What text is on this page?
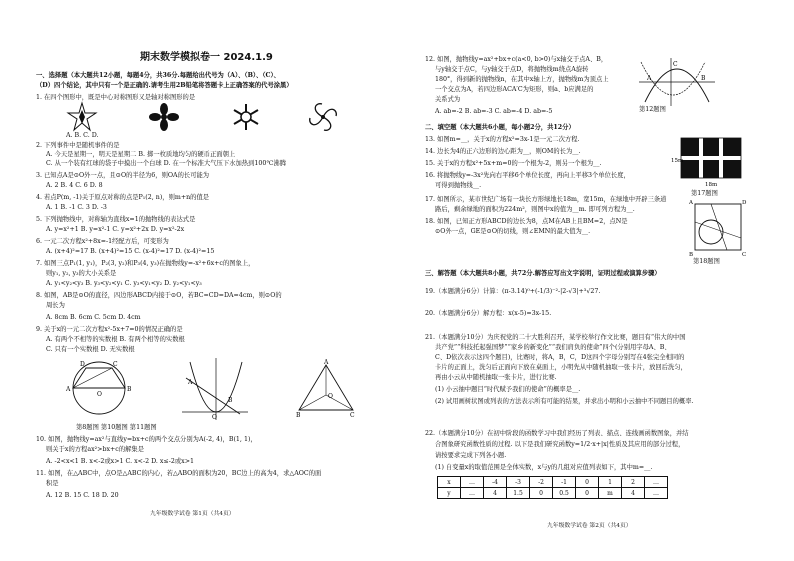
期末数学模拟卷一 2024.1.9
一、选择题（本大题共12小题，每题4分，共36分.每题给出代号为（A）、（B）、（C）、
（D）四个结论，其中只有一个是正确的.请考生用2B铅笔将答题卡上正确答案的代号涂黑）
1. 在四个图形中，既是中心对称图形又是轴对称图形的是
A. B. C. D.
2. 下列事件中是随机事件的是
A. 今天是星期一，明天是星期二 B. 掷一枚质地均匀的硬币正面朝上
C. 从一个装有红球的袋子中摸出一个白球 D. 在一个标准大气压下水加热到100℃沸腾
3. 已知点A是⊙O外一点，且⊙O的半径为6，则OA的长可能为
A. 2 B. 4 C. 6 D. 8
4. 若点P(m, -1)关于原点对称的点是P₁(2, n)，则m+n的值是
A. 1 B. -1 C. 3 D. -3
5. 下列抛物线中，对称轴为直线x=1的抛物线的表达式是
A. y=x²+1 B. y=x²-1 C. y=x²+2x D. y=x²-2x
6. 一元二次方程x²+8x=-1经配方后，可变形为
A. (x+4)²=17 B. (x+4)²=15 C. (x-4)²=17 D. (x-4)²=15
7. 如图三点P₁(1, y₁)，P₂(3, y₂)和P₃(4, y₃)在抛物线y=-x²+6x+c的图象上，
则y₁, y₂, y₃的大小关系是
A. y₁<y₂<y₃ B. y₃<y₂<y₁ C. y₃<y₁<y₂ D. y₂<y₁<y₃
8. 如图，AB是⊙O的直径，四边形ABCD内接于⊙O，若BC=CD=DA=4cm，则⊙O的
周长为
A. 8cm B. 6cm C. 5cm D. 4cm
9. 关于x的一元二次方程x²-5x+7=0的情况正确的是
A. 有两个不相等的实数根 B. 有两个相等的实数根
C. 只有一个实数根 D. 无实数根
A	B
C
D
O
A
B
O
A
B	C
O
第8题图 第10题图 第11题图
10. 如图，抛物线y=ax²与直线y=bx+c的两个交点分别为A(-2, 4)，B(1, 1)，
则关于x的方程ax²>bx+c的解集是
A. -2<x<1 B. x<-2或x>1 C. x<-2 D. x≤-2或x>1
11. 如图，在△ABC中，点O是△ABC的内心，若△ABO的面积为20，BC边上的高为4，求△AOC的面
积是
A. 12 B. 15 C. 18 D. 20
九年级数学试卷 第1页（共4页）
12. 如图，抛物线y=ax²+bx+c(a<0, b>0)与x轴交于点A、B，
与y轴交于点C，与y轴交于点D，将抛物线m绕点A旋转
180°，得到新的抛物线n，在其中x轴上方，抛物线m为顶点上
一个交点为A，若四边形ACA′C为矩形，则a、b应满足的
关系式为
A	B
C
第12题图
A. ab=-2 B. ab=-3 C. ab=-4 D. ab=-5
二、填空题（本大题共6小题，每小题2分，共12分）
13. 如图m=__，关于x的方程x²=3x-1是一元二次方程.
14. 边长为4的正六边形的边心距为__，则OM的长为__.
15. 关于x的方程x²+5x+m=0的一个根为-2，则另一个根为__.
16. 将抛物线y=-3x²先向右平移6个单位长度，再向上平移3个单位长度，
可得到抛物线__.
17. 如图所示，某市世纪广场有一块长方形绿地长18m，宽15m，在绿地中开辟三条道
路后，剩余绿地的面积为224m²，则图中x的值为__m. 即可列方程为__.
18. 如图，已知正方形ABCD的边长为8，点M在AB上且BM=2，点N是
⊙O外一点，GE是⊙O的切线，则∠EMN的最大值为__.
15m
18m
第17题图
A	D
B	C
第18题图
三、解答题（本大题共8小题，共72分.解答应写出文字说明，证明过程或演算步骤）
19.（本题满分6分）计算：(π-3.14)⁰+(-1/3)⁻²-|2-√3|+³√27.
20.（本题满分6分）解方程：x(x-5)=3x-15.
21.（本题满分10分）为庆祝党的二十大胜利召开，某学校举行作文比赛，题目有“伟大的中国
共产党”“科技托起强国梦”“家乡的新变化”“我们肩负的使命”四个(分别用字母A、B、
C、D依次表示这四个题目)，比赛时，将A，B，C，D这四个字母分别写在4张完全相同的
卡片的正面上，洗匀后正面向下放在桌面上，小明先从中随机抽取一张卡片，放回后洗匀，
再由小云从中随机抽取一张卡片，进行比赛.
(1) 小云抽中题目“时代赋予我们的使命”的概率是__.
(2) 试用画树状图或列表的方法表示所有可能的结果，并求出小明和小云抽中不同题目的概率.
22.（本题满分10分）在初中阶段的函数学习中我们经历了列表、描点、连线画函数图象，并结
合图象研究函数性质的过程. 以下是我们研究函数y=1/2·x+|x|性质及其应用的部分过程，
请按要求完成下列各小题.
(1) 自变量x的取值范围是全体实数，x与y的几组对应值列表如下，其中m=__.
x	…	-4	-3	-2	-1	0	1	2	…
y	…	4	1.5	0	0.5	0	m	4	…
九年级数学试卷 第2页（共4页）
